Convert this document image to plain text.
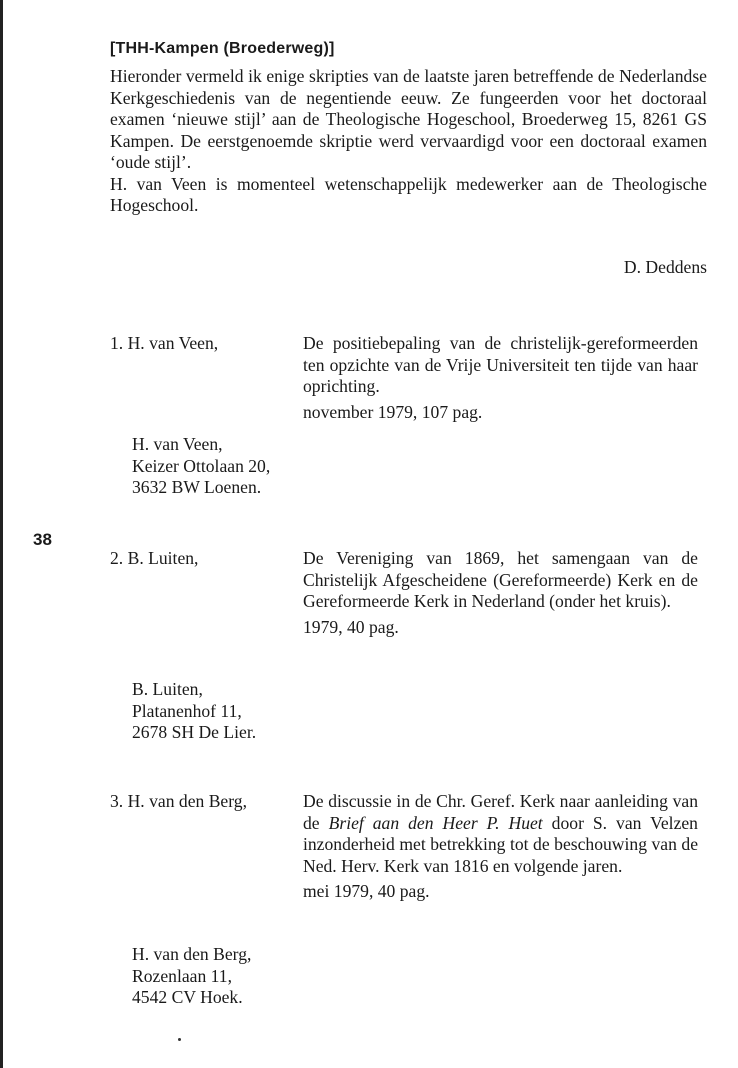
[THH-Kampen (Broederweg)]

Hieronder vermeld ik enige skripties van de laatste jaren betreffende de Nederlandse Kerkgeschiedenis van de negentiende eeuw. Ze fungeerden voor het doctoraal examen ‘nieuwe stijl’ aan de Theologische Hogeschool, Broederweg 15, 8261 GS Kampen. De eerstgenoemde skriptie werd vervaardigd voor een doctoraal examen ‘oude stijl’.

H. van Veen is momenteel wetenschappelijk medewerker aan de Theologische Hogeschool.

D. Deddens
38
1. H. van Veen,	De positiebepaling van de christelijk-gereformeerden ten opzichte van de Vrije Universiteit ten tijde van haar oprichting.
november 1979, 107 pag.
H. van Veen,
Keizer Ottolaan 20,
3632 BW Loenen.
2. B. Luiten,	De Vereniging van 1869, het samengaan van de Christelijk Afgescheidene (Gereformeerde) Kerk en de Gereformeerde Kerk in Nederland (onder het kruis).
1979, 40 pag.
B. Luiten,
Platanenhof 11,
2678 SH De Lier.
3. H. van den Berg,	De discussie in de Chr. Geref. Kerk naar aanleiding van de Brief aan den Heer P. Huet door S. van Velzen inzonderheid met betrekking tot de beschouwing van de Ned. Herv. Kerk van 1816 en volgende jaren.
mei 1979, 40 pag.
H. van den Berg,
Rozenlaan 11,
4542 CV Hoek.
